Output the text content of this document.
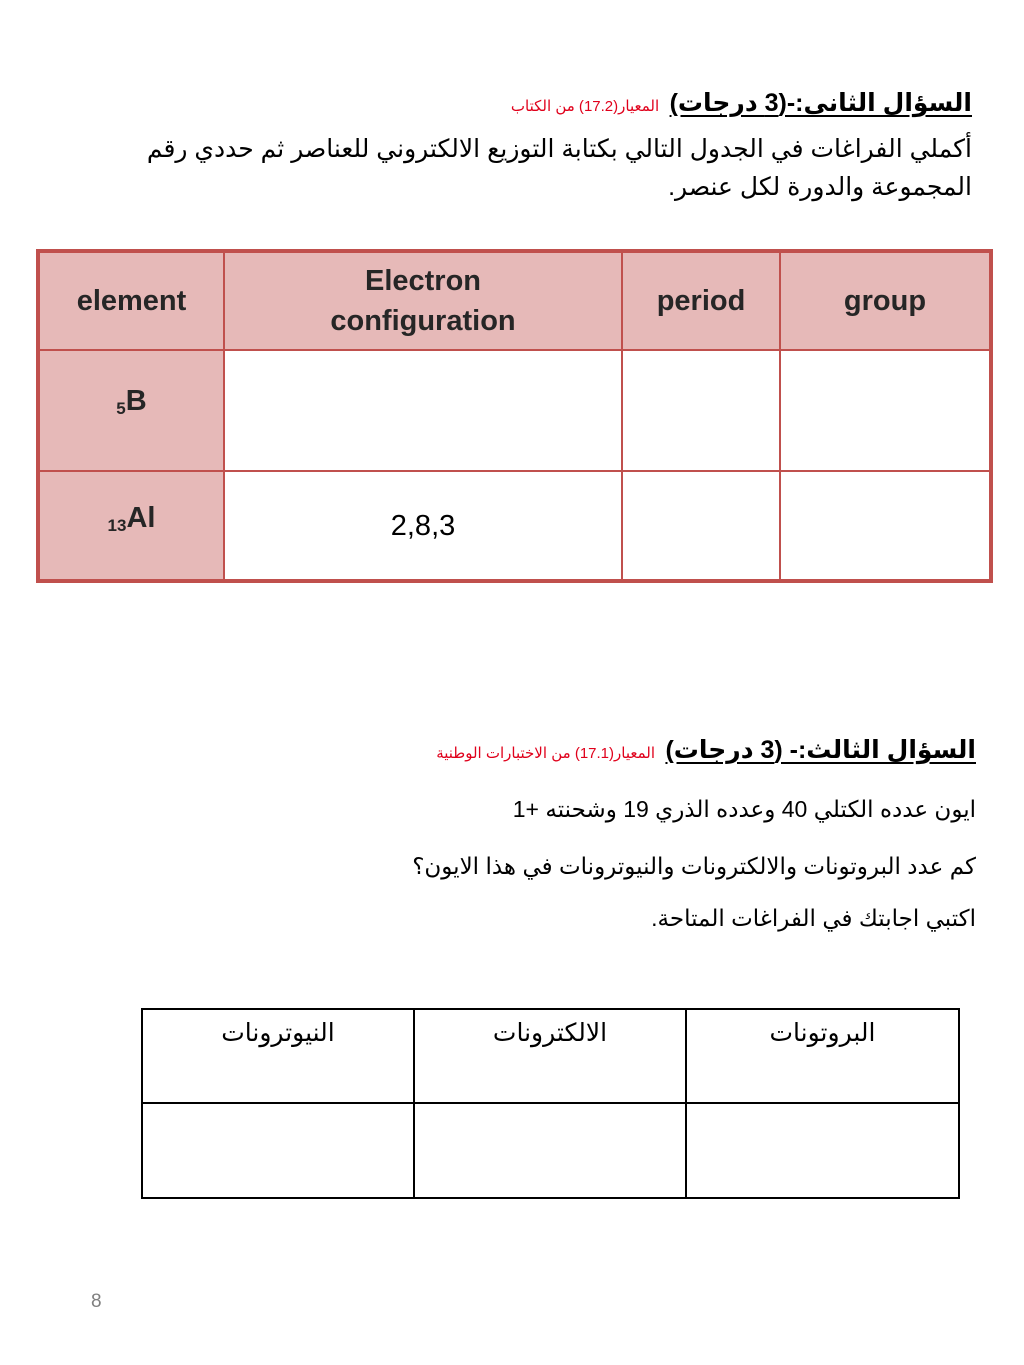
السؤال الثانى:-(3 درجات) المعيار(17.2) من الكتاب
أكملي الفراغات في الجدول التالي بكتابة التوزيع الالكتروني للعناصر ثم حددي رقم المجموعة والدورة لكل عنصر.
element	Electron configuration	period	group
$_5$B			
$_{13}$Al	2,8,3		
السؤال الثالث:- (3 درجات) المعيار(17.1) من الاختبارات الوطنية
ايون عدده الكتلي 40 وعدده الذري 19 وشحنته +1
كم عدد البروتونات والالكترونات والنيوترونات في هذا الايون؟
اكتبي اجابتك في الفراغات المتاحة.
النيوترونات	الالكترونات	البروتونات

8
